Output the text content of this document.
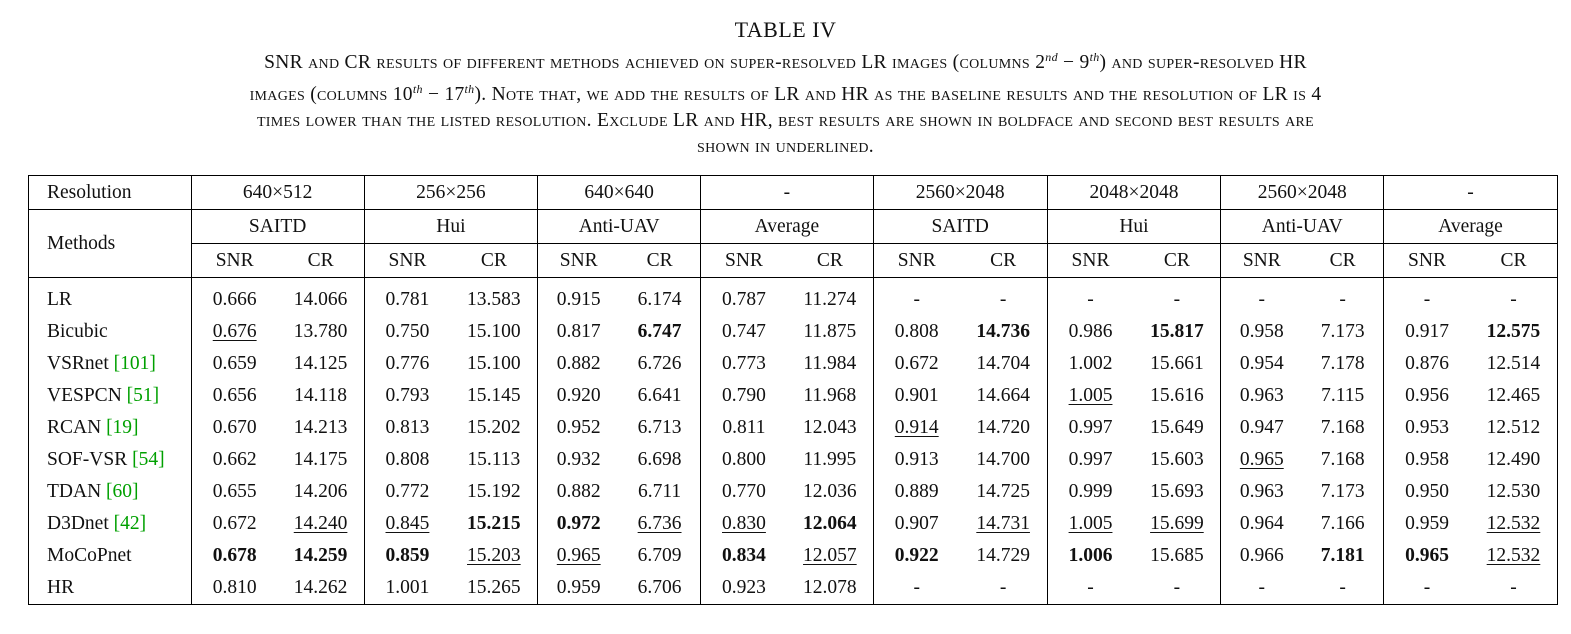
TABLE IV
SNR and CR results of different methods achieved on super-resolved LR images (columns 2nd − 9th) and super-resolved HR
images (columns 10th − 17th). Note that, we add the results of LR and HR as the baseline results and the resolution of LR is 4
times lower than the listed resolution. Exclude LR and HR, best results are shown in boldface and second best results are
shown in underlined.
Resolution	640×512		256×256		640×640		-		2560×2048		2048×2048		2560×2048		-	
Methods	SAITD		Hui		Anti-UAV		Average		SAITD		Hui		Anti-UAV		Average	
	SNR	CR	SNR	CR	SNR	CR	SNR	CR	SNR	CR	SNR	CR	SNR	CR	SNR	CR
LR	0.666	14.066	0.781	13.583	0.915	6.174	0.787	11.274	-	-	-	-	-	-	-	-
Bicubic	0.676	13.780	0.750	15.100	0.817	6.747	0.747	11.875	0.808	14.736	0.986	15.817	0.958	7.173	0.917	12.575
VSRnet [101]	0.659	14.125	0.776	15.100	0.882	6.726	0.773	11.984	0.672	14.704	1.002	15.661	0.954	7.178	0.876	12.514
VESPCN [51]	0.656	14.118	0.793	15.145	0.920	6.641	0.790	11.968	0.901	14.664	1.005	15.616	0.963	7.115	0.956	12.465
RCAN [19]	0.670	14.213	0.813	15.202	0.952	6.713	0.811	12.043	0.914	14.720	0.997	15.649	0.947	7.168	0.953	12.512
SOF-VSR [54]	0.662	14.175	0.808	15.113	0.932	6.698	0.800	11.995	0.913	14.700	0.997	15.603	0.965	7.168	0.958	12.490
TDAN [60]	0.655	14.206	0.772	15.192	0.882	6.711	0.770	12.036	0.889	14.725	0.999	15.693	0.963	7.173	0.950	12.530
D3Dnet [42]	0.672	14.240	0.845	15.215	0.972	6.736	0.830	12.064	0.907	14.731	1.005	15.699	0.964	7.166	0.959	12.532
MoCoPnet	0.678	14.259	0.859	15.203	0.965	6.709	0.834	12.057	0.922	14.729	1.006	15.685	0.966	7.181	0.965	12.532
HR	0.810	14.262	1.001	15.265	0.959	6.706	0.923	12.078	-	-	-	-	-	-	-	-
